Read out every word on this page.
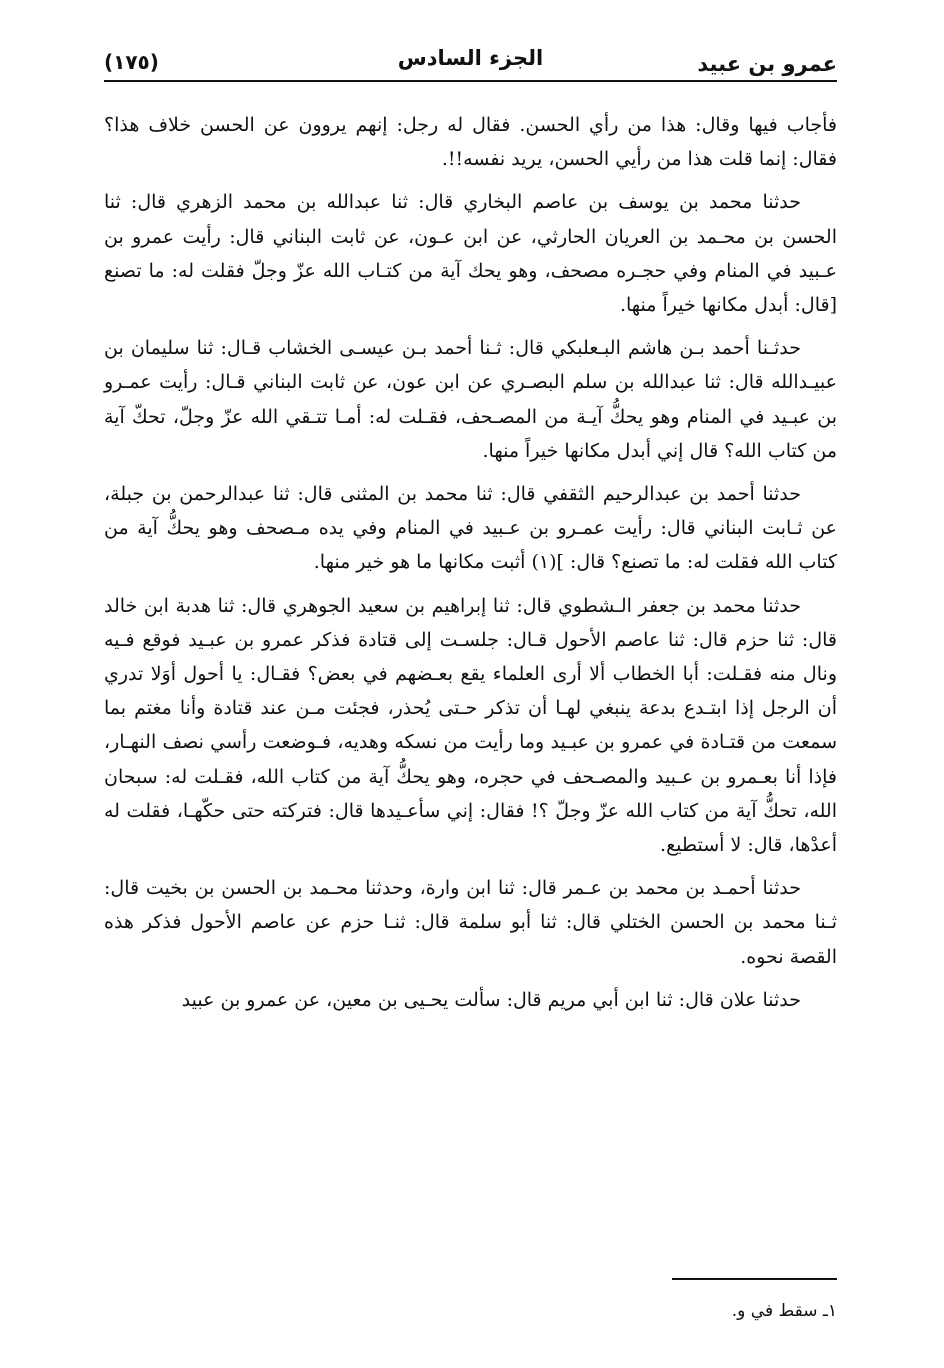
عمرو بن عبيد
الجزء السادس
(١٧٥)

فأجاب فيها وقال: هذا من رأي الحسن. فقال له رجل: إنهم يروون عن الحسن خلاف هذا؟ فقال: إنما قلت هذا من رأيي الحسن، يريد نفسه!!.

حدثنا محمد بن يوسف بن عاصم البخاري قال: ثنا عبدالله بن محمد الزهري قال: ثنا الحسن بن محـمد بن العريان الحارثي، عن ابن عـون، عن ثابت البناني قال: رأيت عمرو بن عـبيد في المنام وفي حجـره مصحف، وهو يحك آية من كتـاب الله عزّ وجلّ فقلت له: ما تصنع [قال: أبدل مكانها خيراً منها.

حدثـنا أحمد بـن هاشم البـعلبكي قال: ثـنا أحمد بـن عيسـى الخشاب قـال: ثنا سليمان بن عبيـدالله قال: ثنا عبدالله بن سلم البصـري عن ابن عون، عن ثابت البناني قـال: رأيت عمـرو بن عبـيد في المنام وهو يحكُّ آيـة من المصـحف، فقـلت له: أمـا تتـقي الله عزّ وجلّ، تحكّ آية من كتاب الله؟ قال إني أبدل مكانها خيراً منها.

حدثنا أحمد بن عبدالرحيم الثقفي قال: ثنا محمد بن المثنى قال: ثنا عبدالرحمن بن جبلة، عن ثـابت البناني قال: رأيت عمـرو بن عـبيد في المنام وفي يده مـصحف وهو يحكُّ آية من كتاب الله فقلت له: ما تصنع؟ قال: ](١) أثبت مكانها ما هو خير منها.

حدثنا محمد بن جعفر الـشطوي قال: ثنا إبراهيم بن سعيد الجوهري قال: ثنا هدبة ابن خالد قال: ثنا حزم قال: ثنا عاصم الأحول قـال: جلسـت إلى قتادة فذكر عمرو بن عبـيد فوقع فـيه ونال منه فقـلت: أبا الخطاب ألا أرى العلماء يقع بعـضهم في بعض؟ فقـال: يا أحول أوَلا تدري أن الرجل إذا ابتـدع بدعة ينبغي لهـا أن تذكر حـتى يُحذر، فجئت مـن عند قتادة وأنا مغتم بما سمعت من قتـادة في عمرو بن عبـيد وما رأيت من نسكه وهديه، فـوضعت رأسي نصف النهـار، فإذا أنا بعـمرو بن عـبيد والمصـحف في حجره، وهو يحكُّ آية من كتاب الله، فقـلت له: سبحان الله، تحكُّ آية من كتاب الله عزّ وجلّ ؟! فقال: إني سأعـيدها قال: فتركته حتى حكّهـا، فقلت له أعدْها، قال: لا أستطيع.

حدثنا أحمـد بن محمد بن عـمر قال: ثنا ابن وارة، وحدثنا محـمد بن الحسن بن بخيت قال: ثـنا محمد بن الحسن الختلي قال: ثنا أبو سلمة قال: ثنـا حزم عن عاصم الأحول فذكر هذه القصة نحوه.

حدثنا علان قال: ثنا ابن أبي مريم قال: سألت يحـيى بن معين، عن عمرو بن عبيد

١ـ سقط في و.
